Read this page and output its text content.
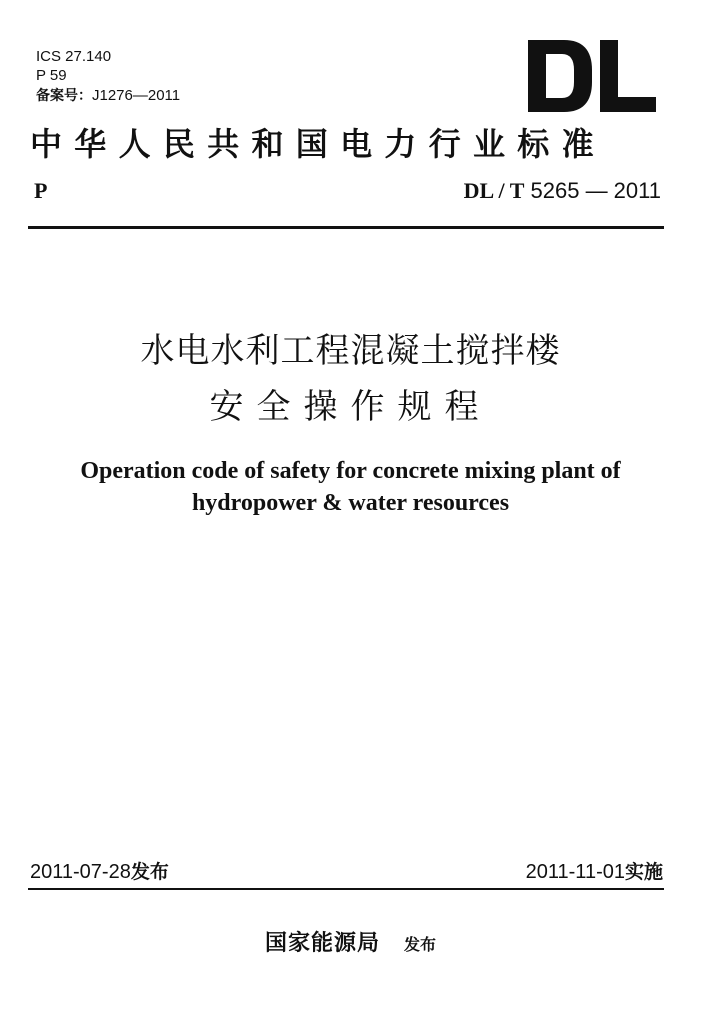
ICS 27.140
P 59
备案号：J1276—2011
中华人民共和国电力行业标准
P	DL / T 5265 — 2011
水电水利工程混凝土搅拌楼
安全操作规程
Operation code of safety for concrete mixing plant of
hydropower & water resources
2011-07-28发布	2011-11-01实施
国家能源局 发布
